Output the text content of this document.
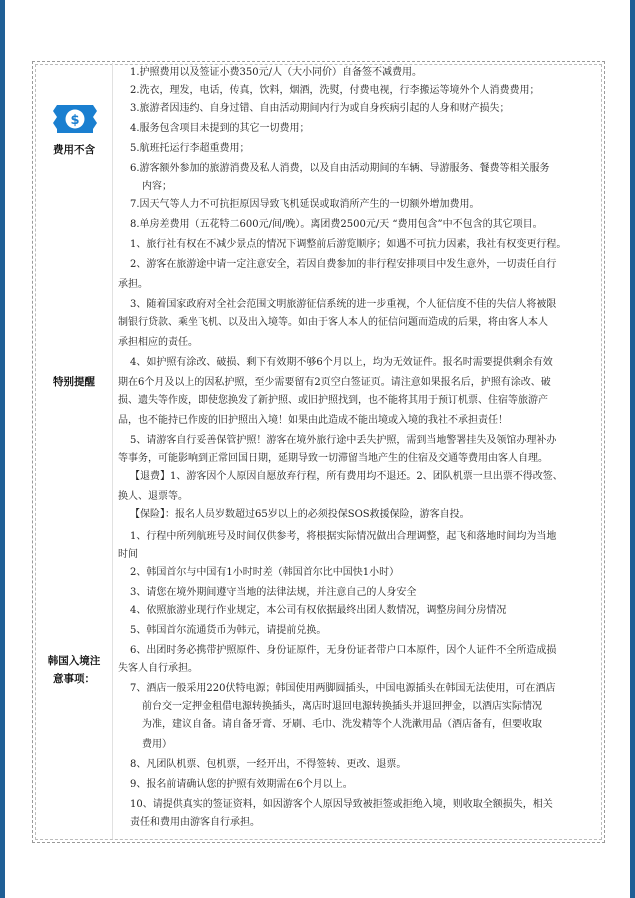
$
费用不含
特别提醒
韩国入境注
意事项：
1.护照费用以及签证小费350元/人（大小同价）自备签不减费用。
2.洗衣，理发，电话，传真，饮料，烟酒，洗熨，付费电视，行李搬运等境外个人消费费用；
3.旅游者因违约、自身过错、自由活动期间内行为或自身疾病引起的人身和财产损失；
4.服务包含项目未提到的其它一切费用；
5.航班托运行李超重费用；
6.游客额外参加的旅游消费及私人消费，以及自由活动期间的车辆、导游服务、餐费等相关服务
内容；
7.因天气等人力不可抗拒原因导致飞机延误或取消所产生的一切额外增加费用。
8.单房差费用（五花特二600元/间/晚）。离团费2500元/天 “费用包含”中不包含的其它项目。
1、旅行社有权在不减少景点的情况下调整前后游览顺序；如遇不可抗力因素，我社有权变更行程。
2、游客在旅游途中请一定注意安全，若因自费参加的非行程安排项目中发生意外，一切责任自行
承担。
3、随着国家政府对全社会范围文明旅游征信系统的进一步重视，个人征信度不佳的失信人将被限
制银行贷款、乘坐飞机、以及出入境等。如由于客人本人的征信问题而造成的后果，将由客人本人
承担相应的责任。
4、如护照有涂改、破损、剩下有效期不够6个月以上，均为无效证件。报名时需要提供剩余有效
期在6个月及以上的因私护照，至少需要留有2页空白签证页。请注意如果报名后，护照有涂改、破
损、遗失等作废，即使您换发了新护照、或旧护照找到，也不能将其用于预订机票、住宿等旅游产
品，也不能持已作废的旧护照出入境！如果由此造成不能出境或入境的我社不承担责任！
5、请游客自行妥善保管护照！游客在境外旅行途中丢失护照，需到当地警署挂失及领馆办理补办
等事务，可能影响到正常回国日期，延期导致一切滞留当地产生的住宿及交通等费用由客人自理。
【退费】1、游客因个人原因自愿放弃行程，所有费用均不退还。2、团队机票一旦出票不得改签、
换人、退票等。
【保险】：报名人员岁数超过65岁以上的必须投保SOS救援保险，游客自投。
1、行程中所列航班号及时间仅供参考，将根据实际情况做出合理调整，起飞和落地时间均为当地
时间
2、韩国首尔与中国有1小时时差（韩国首尔比中国快1小时）
3、请您在境外期间遵守当地的法律法规，并注意自己的人身安全
4、依照旅游业现行作业规定，本公司有权依据最终出团人数情况，调整房间分房情况
5、韩国首尔流通货币为韩元，请提前兑换。
6、出团时务必携带护照原件、身份证原件，无身份证者带户口本原件，因个人证件不全所造成损
失客人自行承担。
7、酒店一般采用220伏特电源；韩国使用两脚圆插头，中国电源插头在韩国无法使用，可在酒店
前台交一定押金租借电源转换插头，离店时退回电源转换插头并退回押金，以酒店实际情况
为准，建议自备。请自备牙膏、牙刷、毛巾、洗发精等个人洗漱用品（酒店备有，但要收取
费用）
8、凡团队机票、包机票，一经开出，不得签转、更改、退票。
9、报名前请确认您的护照有效期需在6个月以上。
10、请提供真实的签证资料，如因游客个人原因导致被拒签或拒绝入境，则收取全额损失，相关
责任和费用由游客自行承担。
